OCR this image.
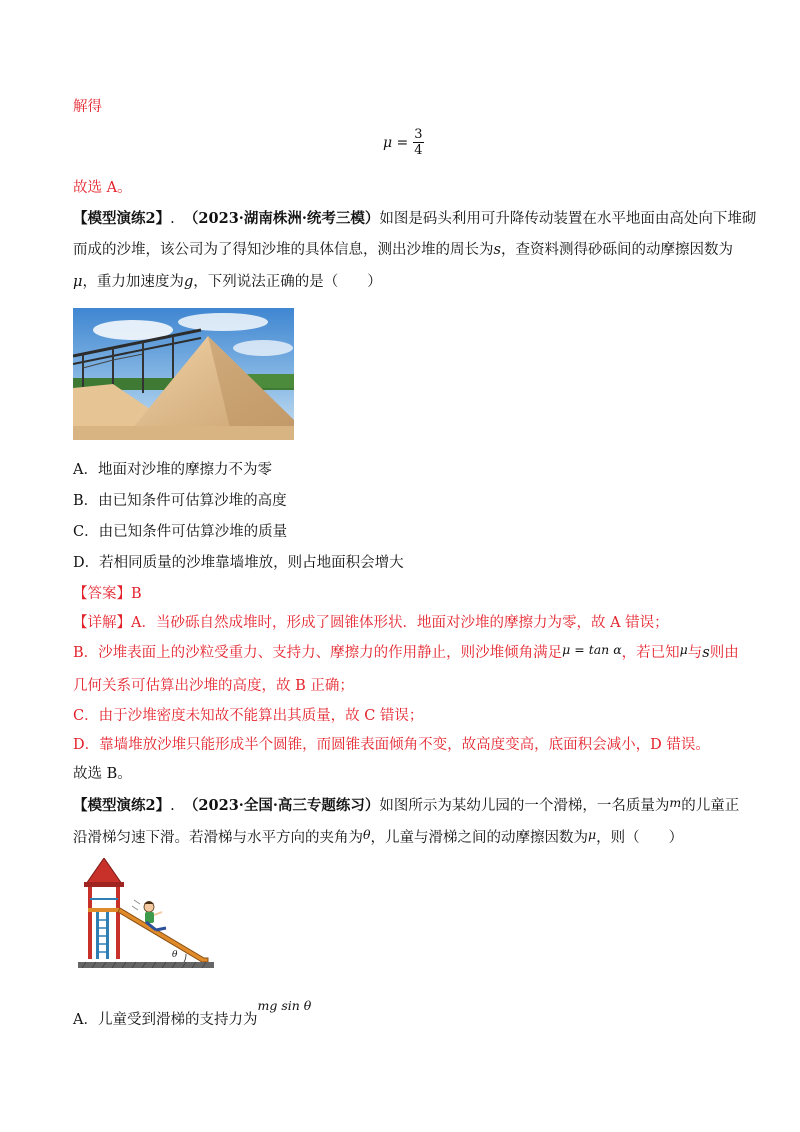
解得
$\mu = \frac{3}{4}$
故选 A。
【模型演练2】. （2023·湖南株洲·统考三模）如图是码头利用可升降传动装置在水平地面由高处向下堆砌
而成的沙堆，该公司为了得知沙堆的具体信息，测出沙堆的周长为s，查资料测得砂砾间的动摩擦因数为
μ，重力加速度为g，下列说法正确的是（　　）
A．地面对沙堆的摩擦力不为零
B．由已知条件可估算沙堆的高度
C．由已知条件可估算沙堆的质量
D．若相同质量的沙堆靠墙堆放，则占地面积会增大
【答案】B
【详解】A．当砂砾自然成堆时，形成了圆锥体形状．地面对沙堆的摩擦力为零，故 A 错误；
B．沙堆表面上的沙粒受重力、支持力、摩擦力的作用静止，则沙堆倾角满足μ = tan α，若已知μ与s则由
几何关系可估算出沙堆的高度，故 B 正确；
C．由于沙堆密度未知故不能算出其质量，故 C 错误；
D．靠墙堆放沙堆只能形成半个圆锥，而圆锥表面倾角不变，故高度变高，底面积会减小，D 错误。
故选 B。
【模型演练2】. （2023·全国·高三专题练习）如图所示为某幼儿园的一个滑梯，一名质量为m的儿童正
沿滑梯匀速下滑。若滑梯与水平方向的夹角为θ，儿童与滑梯之间的动摩擦因数为μ，则（　　）
θ
A．儿童受到滑梯的支持力为mg sin θ
